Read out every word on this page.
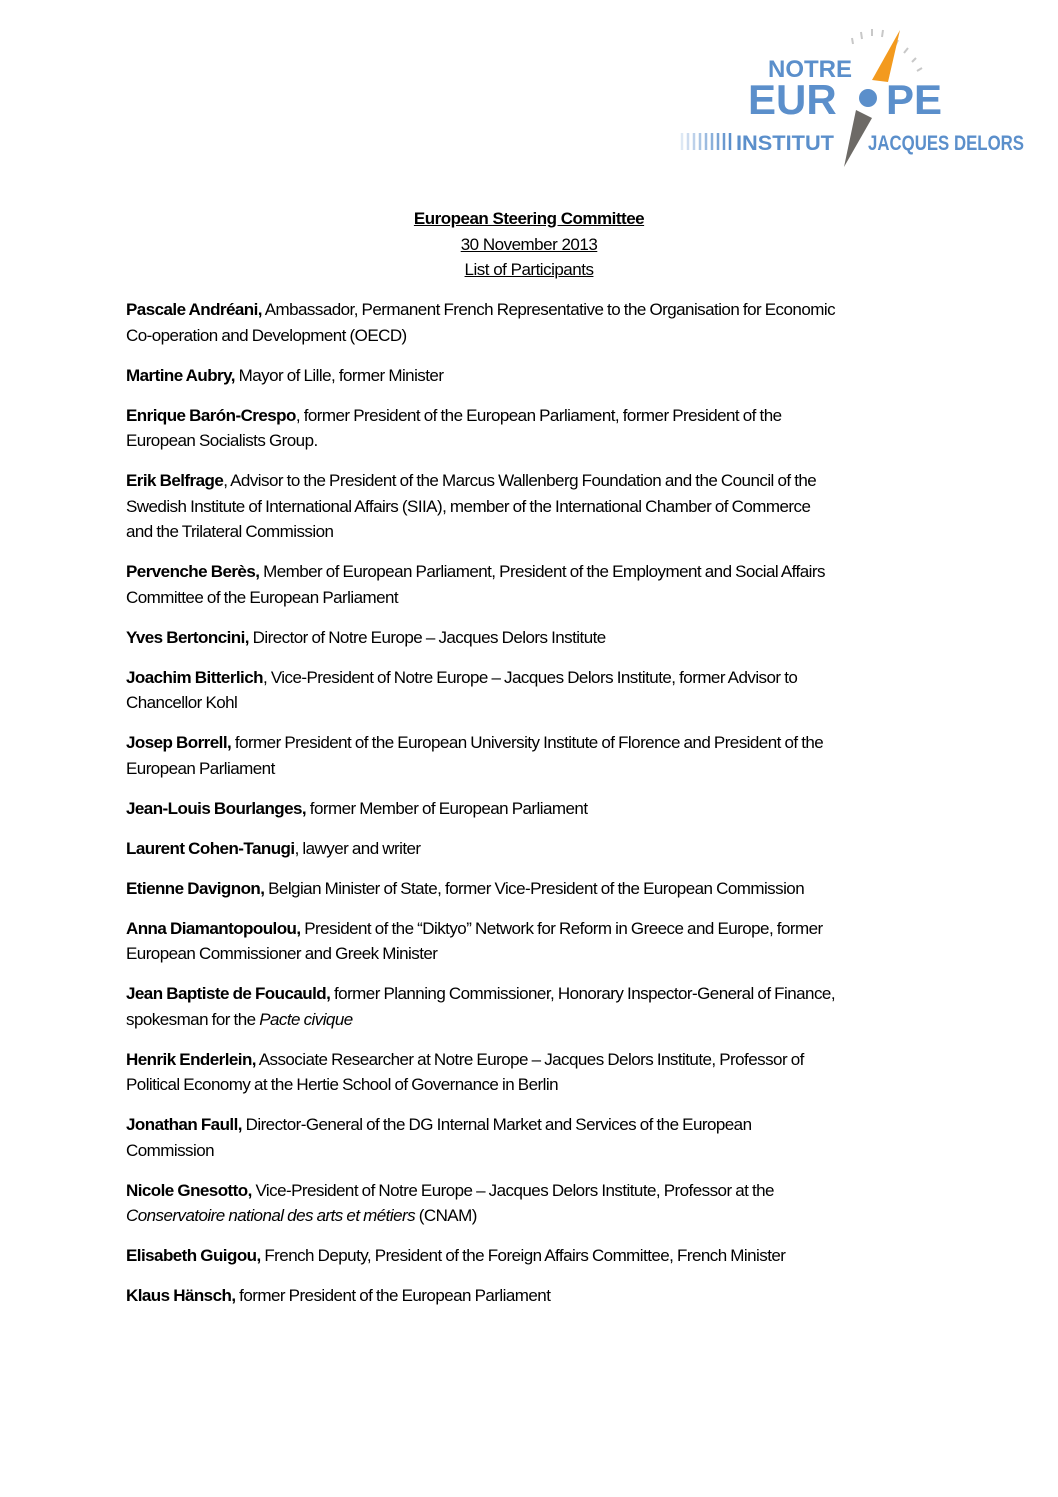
NOTRE
EUR PE
INSTITUT JACQUES DELORS
European Steering Committee
30 November 2013
List of Participants
Pascale Andréani, Ambassador, Permanent French Representative to the Organisation for Economic
Co-operation and Development (OECD)
Martine Aubry, Mayor of Lille, former Minister
Enrique Barón-Crespo, former President of the European Parliament, former President of the
European Socialists Group.
Erik Belfrage, Advisor to the President of the Marcus Wallenberg Foundation and the Council of the
Swedish Institute of International Affairs (SIIA), member of the International Chamber of Commerce
and the Trilateral Commission
Pervenche Berès, Member of European Parliament, President of the Employment and Social Affairs
Committee of the European Parliament
Yves Bertoncini, Director of Notre Europe – Jacques Delors Institute
Joachim Bitterlich, Vice-President of Notre Europe – Jacques Delors Institute, former Advisor to
Chancellor Kohl
Josep Borrell, former President of the European University Institute of Florence and President of the
European Parliament
Jean-Louis Bourlanges, former Member of European Parliament
Laurent Cohen-Tanugi, lawyer and writer
Etienne Davignon, Belgian Minister of State, former Vice-President of the European Commission
Anna Diamantopoulou, President of the “Diktyo” Network for Reform in Greece and Europe, former
European Commissioner and Greek Minister
Jean Baptiste de Foucauld, former Planning Commissioner, Honorary Inspector-General of Finance,
spokesman for the Pacte civique
Henrik Enderlein, Associate Researcher at Notre Europe – Jacques Delors Institute, Professor of
Political Economy at the Hertie School of Governance in Berlin
Jonathan Faull, Director-General of the DG Internal Market and Services of the European
Commission
Nicole Gnesotto, Vice-President of Notre Europe – Jacques Delors Institute, Professor at the
Conservatoire national des arts et métiers (CNAM)
Elisabeth Guigou, French Deputy, President of the Foreign Affairs Committee, French Minister
Klaus Hänsch, former President of the European Parliament
